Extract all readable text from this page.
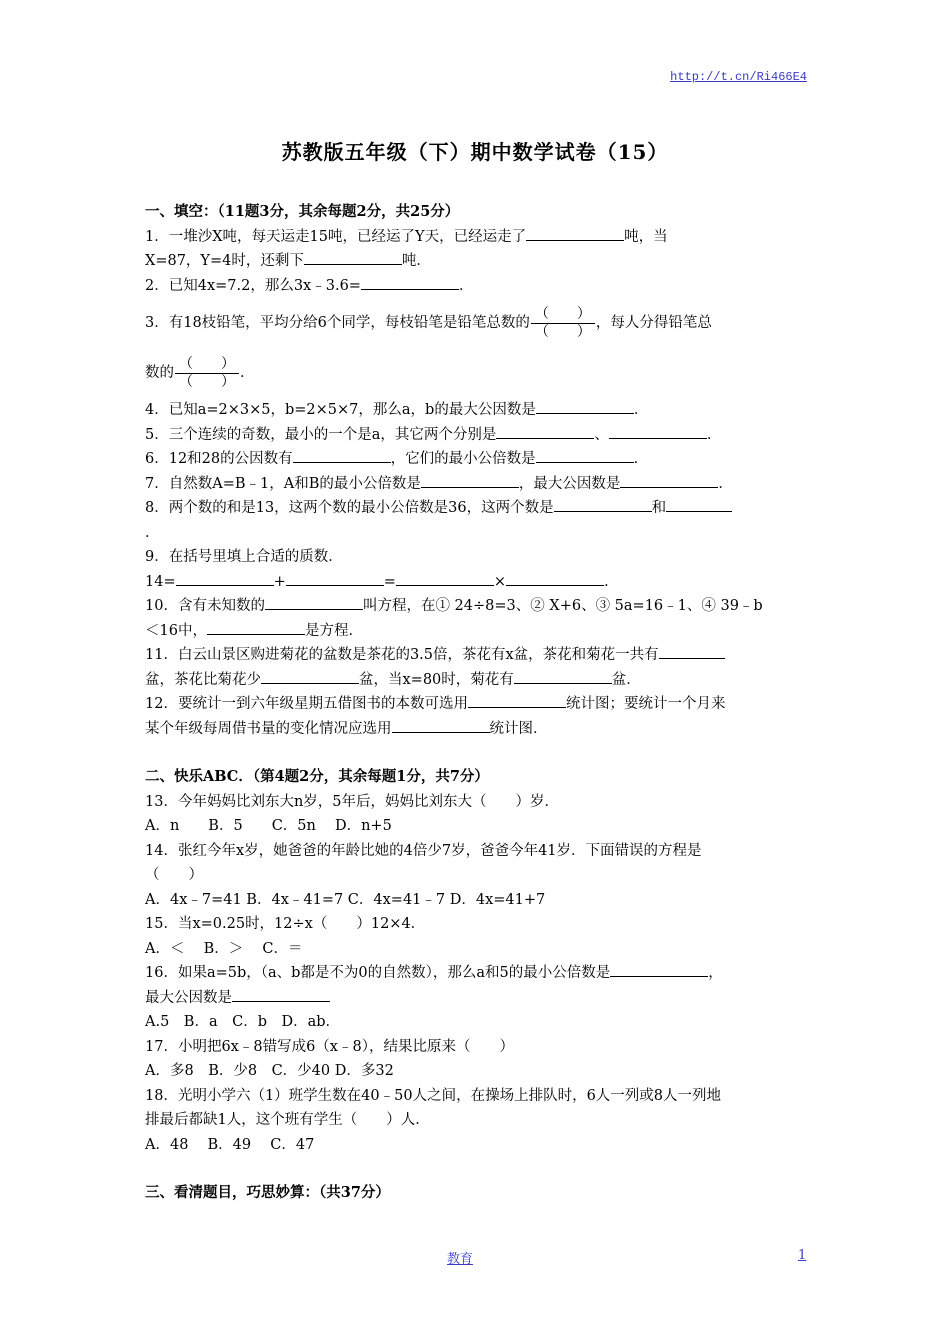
http://t.cn/Ri466E4
苏教版五年级（下）期中数学试卷（15）
一、填空：（11题3分，其余每题2分，共25分）
1．一堆沙X吨，每天运走15吨，已经运了Y天，已经运走了	吨，当
X=87，Y=4时，还剩下	吨．
2．已知4x=7.2，那么3x﹣3.6=	．
3．有18枝铅笔，平均分给6个同学，每枝铅笔是铅笔总数的 $\frac{( )}{( )}$ ，每人分得铅笔总
数的 $\frac{( )}{( )}$ ．
4．已知a=2×3×5，b=2×5×7，那么a，b的最大公因数是	．
5．三个连续的奇数，最小的一个是a，其它两个分别是	、	．
6．12和28的公因数有	，它们的最小公倍数是	．
7．自然数A=B﹣1，A和B的最小公倍数是	，最大公因数是	．
8．两个数的和是13，这两个数的最小公倍数是36，这两个数是	和
．
9．在括号里填上合适的质数．
14=	+	=	×	．
10．含有未知数的	叫方程，在① 24÷8=3、② X+6、③ 5a=16﹣1、④ 39﹣b
＜16中，	是方程．
11．白云山景区购进菊花的盆数是茶花的3.5倍，茶花有x盆，茶花和菊花一共有
盆，茶花比菊花少	盆，当x=80时，菊花有	盆．
12．要统计一到六年级星期五借图书的本数可选用	统计图；要统计一个月来
某个年级每周借书量的变化情况应选用	统计图．
二、快乐ABC．（第4题2分，其余每题1分，共7分）
13．今年妈妈比刘东大n岁，5年后，妈妈比刘东大（　　）岁．
A．n　　B．5　　C．5n　 D．n+5
14．张红今年x岁，她爸爸的年龄比她的4倍少7岁，爸爸今年41岁．下面错误的方程是
（　　）
A．4x﹣7=41 B．4x﹣41=7 C．4x=41﹣7 D．4x=41+7
15．当x=0.25时，12÷x（　　）12×4．
A．＜　 B．＞　 C．＝
16．如果a=5b，（a、b都是不为0的自然数），那么a和5的最小公倍数是	，
最大公因数是
A.5　B．a　C．b　D．ab．
17．小明把6x﹣8错写成6（x﹣8），结果比原来（　　）
A．多8　B．少8　C．少40 D．多32
18．光明小学六（1）班学生数在40﹣50人之间，在操场上排队时，6人一列或8人一列地
排最后都缺1人，这个班有学生（　　）人．
A．48　 B．49　 C．47
三、看清题目，巧思妙算：（共37分）
教育	1
